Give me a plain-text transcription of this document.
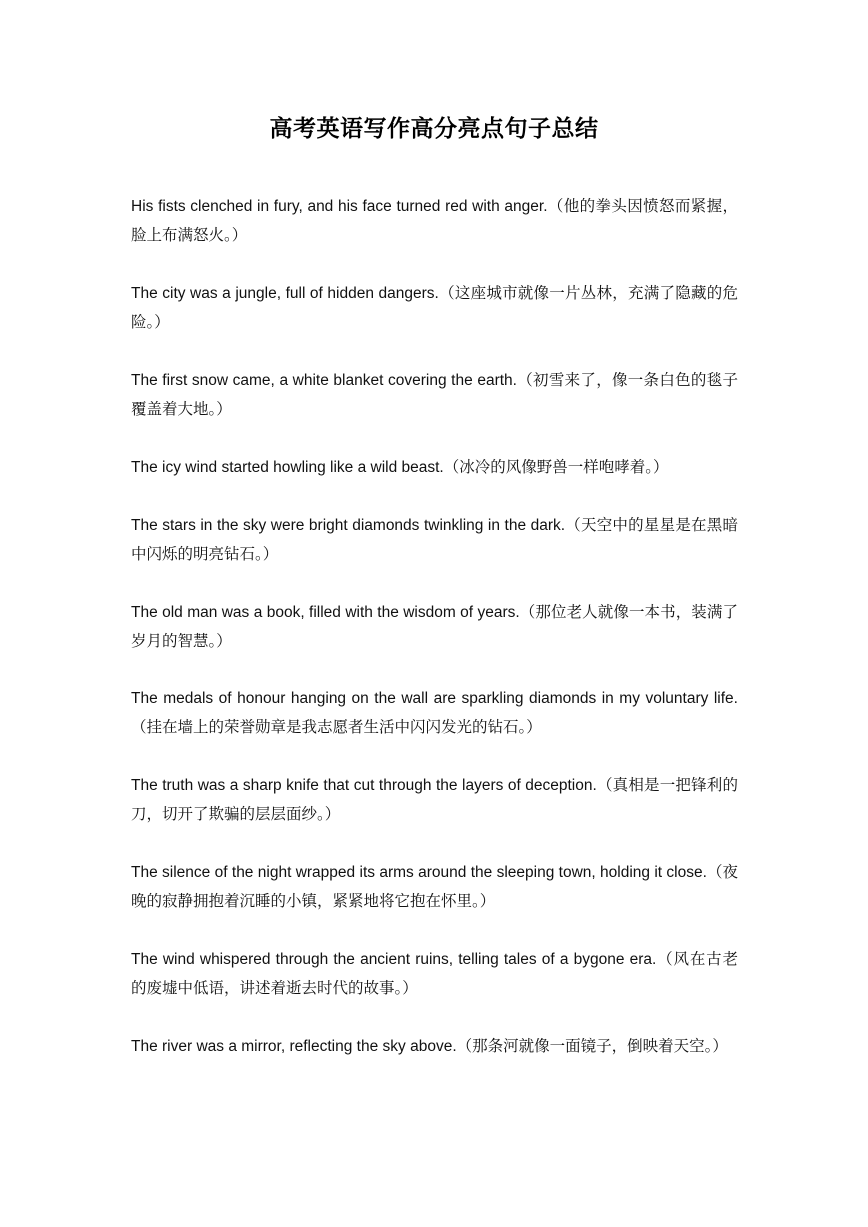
高考英语写作高分亮点句子总结
His fists clenched in fury, and his face turned red with anger.（他的拳头因愤怒而紧握，脸上布满怒火。）
The city was a jungle, full of hidden dangers.（这座城市就像一片丛林，充满了隐藏的危险。）
The first snow came, a white blanket covering the earth.（初雪来了，像一条白色的毯子覆盖着大地。）
The icy wind started howling like a wild beast.（冰冷的风像野兽一样咆哮着。）
The stars in the sky were bright diamonds twinkling in the dark.（天空中的星星是在黑暗中闪烁的明亮钻石。）
The old man was a book, filled with the wisdom of years.（那位老人就像一本书，装满了岁月的智慧。）
The medals of honour hanging on the wall are sparkling diamonds in my voluntary life.（挂在墙上的荣誉勋章是我志愿者生活中闪闪发光的钻石。）
The truth was a sharp knife that cut through the layers of deception.（真相是一把锋利的刀，切开了欺骗的层层面纱。）
The silence of the night wrapped its arms around the sleeping town, holding it close.（夜晚的寂静拥抱着沉睡的小镇，紧紧地将它抱在怀里。）
The wind whispered through the ancient ruins, telling tales of a bygone era.（风在古老的废墟中低语，讲述着逝去时代的故事。）
The river was a mirror, reflecting the sky above.（那条河就像一面镜子，倒映着天空。）
